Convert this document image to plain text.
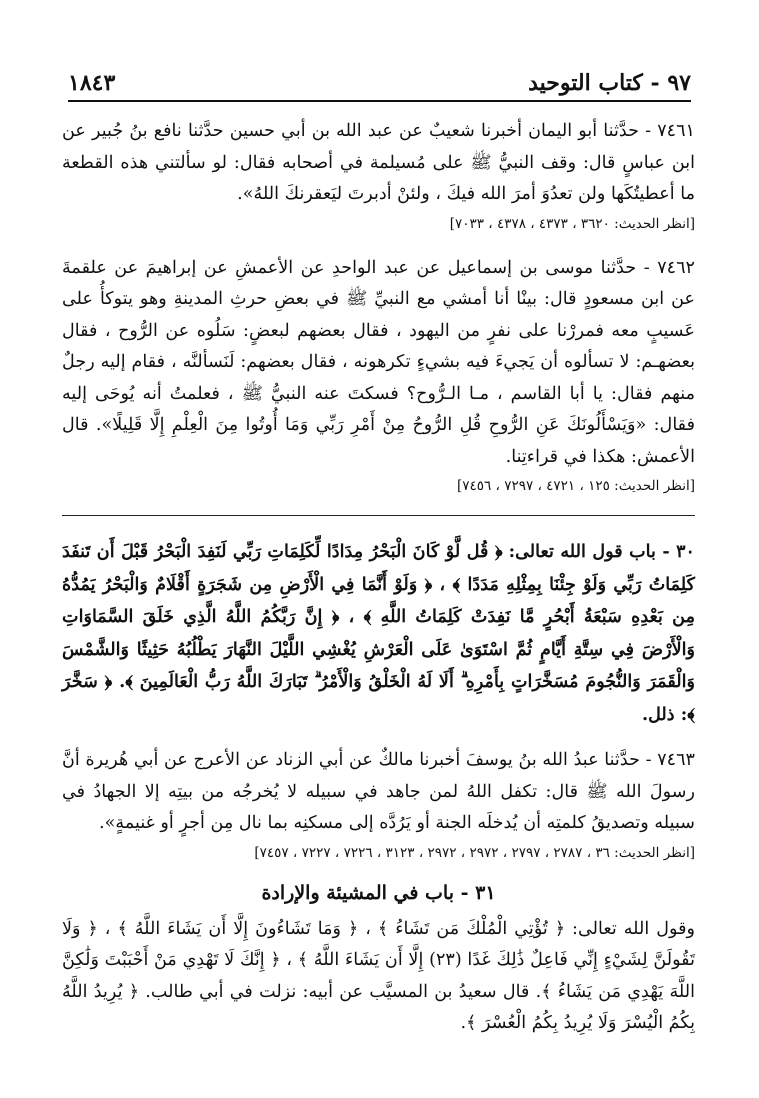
٩٧ - كتاب التوحيد
١٨٤٣

٧٤٦١ - حدَّثنا أبو اليمان أخبرنا شعيبٌ عن عبد الله بن أبي حسين حدَّثنا نافع بنُ جُبير عن ابن عباسٍ قال: وقف النبيُّ ﷺ على مُسيلمة في أصحابه فقال: لو سألتني هذه القطعة ما أعطيتُكَها ولن تعدُوَ أمرَ الله فيكَ ، ولئنْ أدبرتَ ليَعقرنكَ اللهُ».

[انظر الحديث: ٣٦٢٠ ، ٤٣٧٣ ، ٤٣٧٨ ، ٧٠٣٣]

٧٤٦٢ - حدَّثنا موسى بن إسماعيل عن عبد الواحدِ عن الأعمشِ عن إبراهيمَ عن علقمةَ عن ابن مسعودٍ قال: بينْا أنا أمشي مع النبيِّ ﷺ في بعضِ حرثِ المدينةِ وهو يتوكأُ على عَسيبٍ معه فمررْنا على نفرٍ من اليهود ، فقال بعضهم لبعضٍ: سَلُوه عن الرُّوح ، فقال بعضهـم: لا تسألوه أن يَجيءَ فيه بشيءٍ تكرهونه ، فقال بعضهم: لَنَسألنَّه ، فقام إليه رجلٌ منهم فقال: يا أبا القاسم ، مـا الـرُّوح؟ فسكتَ عنه النبيُّ ﷺ ، فعلمتُ أنه يُوحَى إليه فقال: «وَيَسْأَلُونَكَ عَنِ الرُّوحِ قُلِ الرُّوحُ مِنْ أَمْرِ رَبِّي وَمَا أُوتُوا مِنَ الْعِلْمِ إِلَّا قَلِيلًا». قال الأعمش: هكذا في قراءتِنا.

[انظر الحديث: ١٢٥ ، ٤٧٢١ ، ٧٢٩٧ ، ٧٤٥٦]

٣٠ - باب قول الله تعالى: ﴿ قُل لَّوْ كَانَ الْبَحْرُ مِدَادًا لِّكَلِمَاتِ رَبِّي لَنَفِدَ الْبَحْرُ قَبْلَ أَن تَنفَدَ كَلِمَاتُ رَبِّي وَلَوْ جِئْنَا بِمِثْلِهِ مَدَدًا ﴾ ، ﴿ وَلَوْ أَنَّمَا فِي الْأَرْضِ مِن شَجَرَةٍ أَقْلَامٌ وَالْبَحْرُ يَمُدُّهُ مِن بَعْدِهِ سَبْعَةُ أَبْحُرٍ مَّا نَفِدَتْ كَلِمَاتُ اللَّهِ ﴾ ، ﴿ إِنَّ رَبَّكُمُ اللَّهُ الَّذِي خَلَقَ السَّمَاوَاتِ وَالْأَرْضَ فِي سِتَّةِ أَيَّامٍ ثُمَّ اسْتَوَىٰ عَلَى الْعَرْشِ يُغْشِي اللَّيْلَ النَّهَارَ يَطْلُبُهُ حَثِيثًا وَالشَّمْسَ وَالْقَمَرَ وَالنُّجُومَ مُسَخَّرَاتٍ بِأَمْرِهِ ۗ أَلَا لَهُ الْخَلْقُ وَالْأَمْرُ ۗ تَبَارَكَ اللَّهُ رَبُّ الْعَالَمِينَ ﴾. ﴿ سَخَّرَ ﴾: ذلل.

٧٤٦٣ - حدَّثنا عبدُ الله بنُ يوسفَ أخبرنا مالكٌ عن أبي الزناد عن الأعرج عن أبي هُريرة أنَّ رسولَ الله ﷺ قال: تكفل اللهُ لمن جاهد في سبيله لا يُخرجُه من بيتِه إلا الجهادُ في سبيله وتصديقُ كلمتِه أن يُدخلَه الجنة أو يَرُدَّه إلى مسكنِه بما نال مِن أجرٍ أو غنيمةٍ».

[انظر الحديث: ٣٦ ، ٢٧٨٧ ، ٢٧٩٧ ، ٢٩٧٢ ، ٢٩٧٢ ، ٣١٢٣ ، ٧٢٢٦ ، ٧٢٢٧ ، ٧٤٥٧]
٣١ - باب في المشيئة والإرادة

وقول الله تعالى: ﴿ تُؤْتِي الْمُلْكَ مَن تَشَاءُ ﴾ ، ﴿ وَمَا تَشَاءُونَ إِلَّا أَن يَشَاءَ اللَّهُ ﴾ ، ﴿ وَلَا تَقُولَنَّ لِشَيْءٍ إِنِّي فَاعِلٌ ذَٰلِكَ غَدًا (٢٣) إِلَّا أَن يَشَاءَ اللَّهُ ﴾ ، ﴿ إِنَّكَ لَا تَهْدِي مَنْ أَحْبَبْتَ وَلَٰكِنَّ اللَّهَ يَهْدِي مَن يَشَاءُ ﴾. قال سعيدُ بن المسيَّب عن أبيه: نزلت في أبي طالب. ﴿ يُرِيدُ اللَّهُ بِكُمُ الْيُسْرَ وَلَا يُرِيدُ بِكُمُ الْعُسْرَ ﴾.
